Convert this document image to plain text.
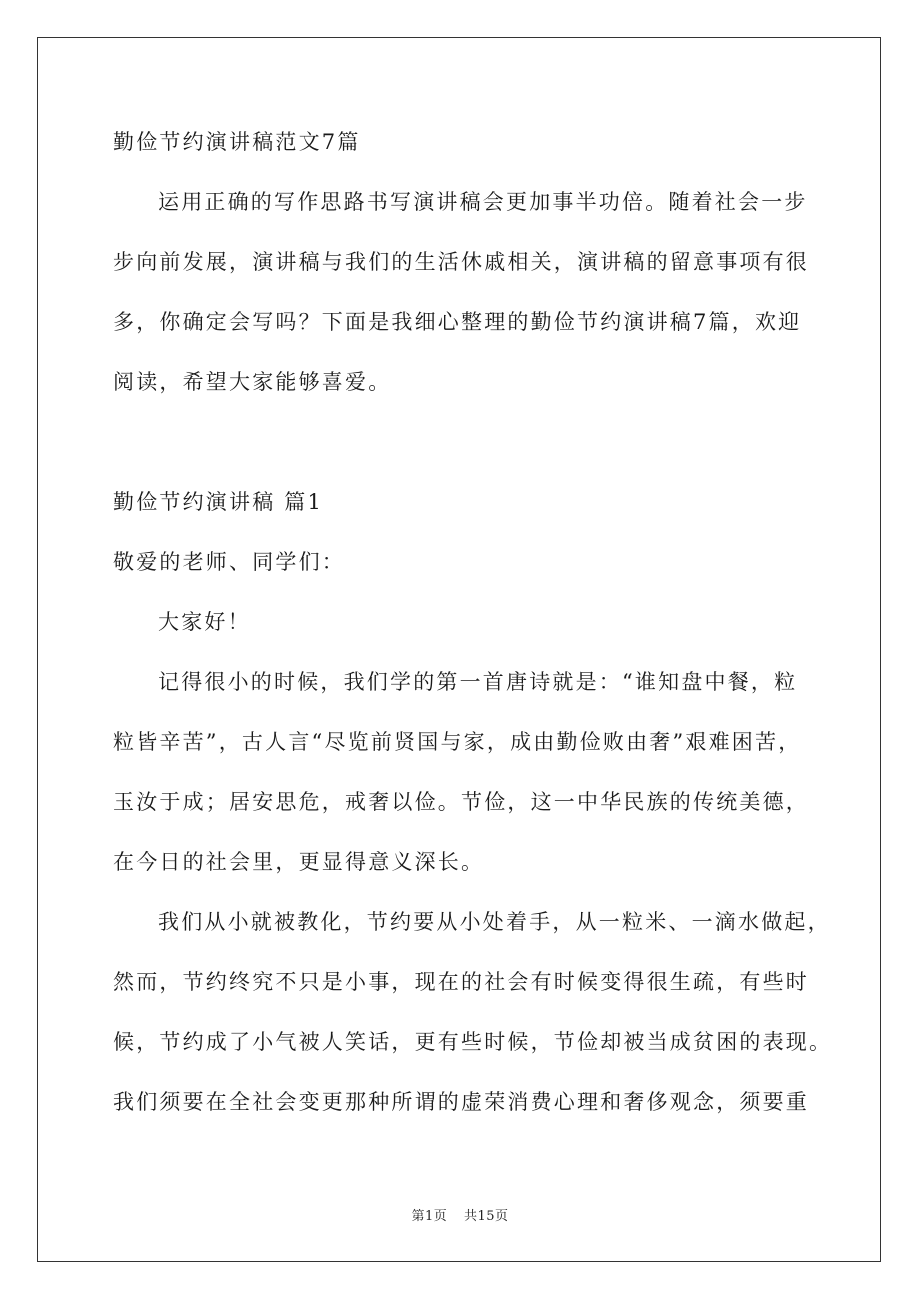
勤俭节约演讲稿范文7篇
运用正确的写作思路书写演讲稿会更加事半功倍。随着社会一步
步向前发展，演讲稿与我们的生活休戚相关，演讲稿的留意事项有很
多，你确定会写吗？下面是我细心整理的勤俭节约演讲稿7篇，欢迎
阅读，希望大家能够喜爱。
勤俭节约演讲稿 篇1
敬爱的老师、同学们：
大家好！
记得很小的时候，我们学的第一首唐诗就是：“谁知盘中餐，粒
粒皆辛苦”，古人言“尽览前贤国与家，成由勤俭败由奢”艰难困苦，
玉汝于成；居安思危，戒奢以俭。节俭，这一中华民族的传统美德，
在今日的社会里，更显得意义深长。
我们从小就被教化，节约要从小处着手，从一粒米、一滴水做起，
然而，节约终究不只是小事，现在的社会有时候变得很生疏，有些时
候，节约成了小气被人笑话，更有些时候，节俭却被当成贫困的表现。
我们须要在全社会变更那种所谓的虚荣消费心理和奢侈观念，须要重
第1页 共15页
